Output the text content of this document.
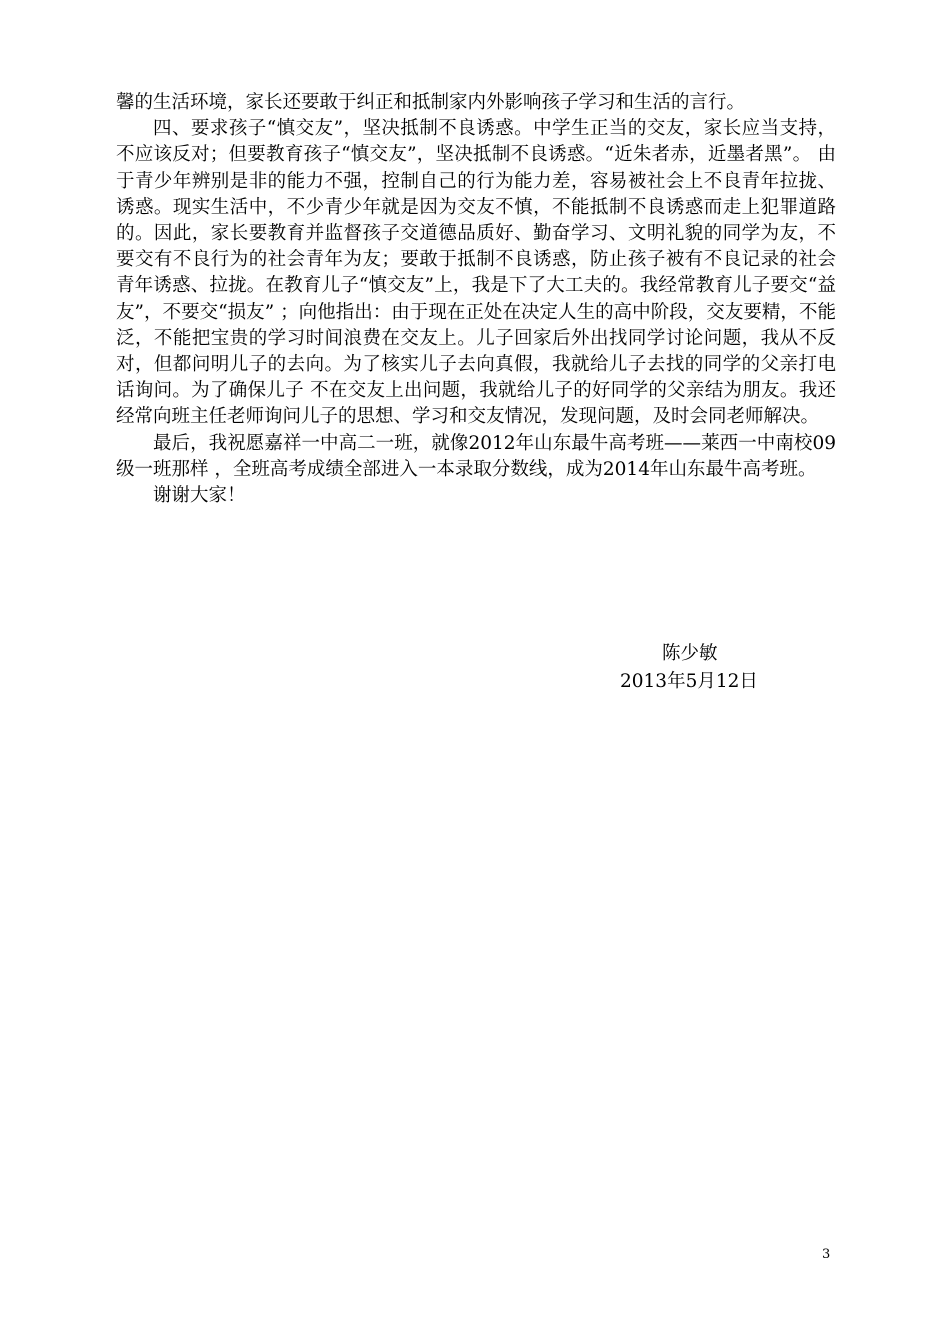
馨的生活环境，家长还要敢于纠正和抵制家内外影响孩子学习和生活的言行。

四、要求孩子“慎交友”，坚决抵制不良诱惑。中学生正当的交友，家长应当支持，不应该反对；但要教育孩子“慎交友”，坚决抵制不良诱惑。“近朱者赤，近墨者黑”。 由于青少年辨别是非的能力不强，控制自己的行为能力差，容易被社会上不良青年拉拢、诱惑。现实生活中，不少青少年就是因为交友不慎，不能抵制不良诱惑而走上犯罪道路的。因此，家长要教育并监督孩子交道德品质好、勤奋学习、文明礼貌的同学为友，不要交有不良行为的社会青年为友；要敢于抵制不良诱惑，防止孩子被有不良记录的社会青年诱惑、拉拢。在教育儿子“慎交友”上，我是下了大工夫的。我经常教育儿子要交“益友”，不要交“损友” ；向他指出：由于现在正处在决定人生的高中阶段，交友要精，不能泛，不能把宝贵的学习时间浪费在交友上。儿子回家后外出找同学讨论问题，我从不反对，但都问明儿子的去向。为了核实儿子去向真假，我就给儿子去找的同学的父亲打电话询问。为了确保儿子 不在交友上出问题，我就给儿子的好同学的父亲结为朋友。我还经常向班主任老师询问儿子的思想、学习和交友情况，发现问题，及时会同老师解决。

最后，我祝愿嘉祥一中高二一班，就像2012年山东最牛高考班——莱西一中南校09级一班那样 ，全班高考成绩全部进入一本录取分数线，成为2014年山东最牛高考班。

谢谢大家！

陈少敏
2013年5月12日
3
